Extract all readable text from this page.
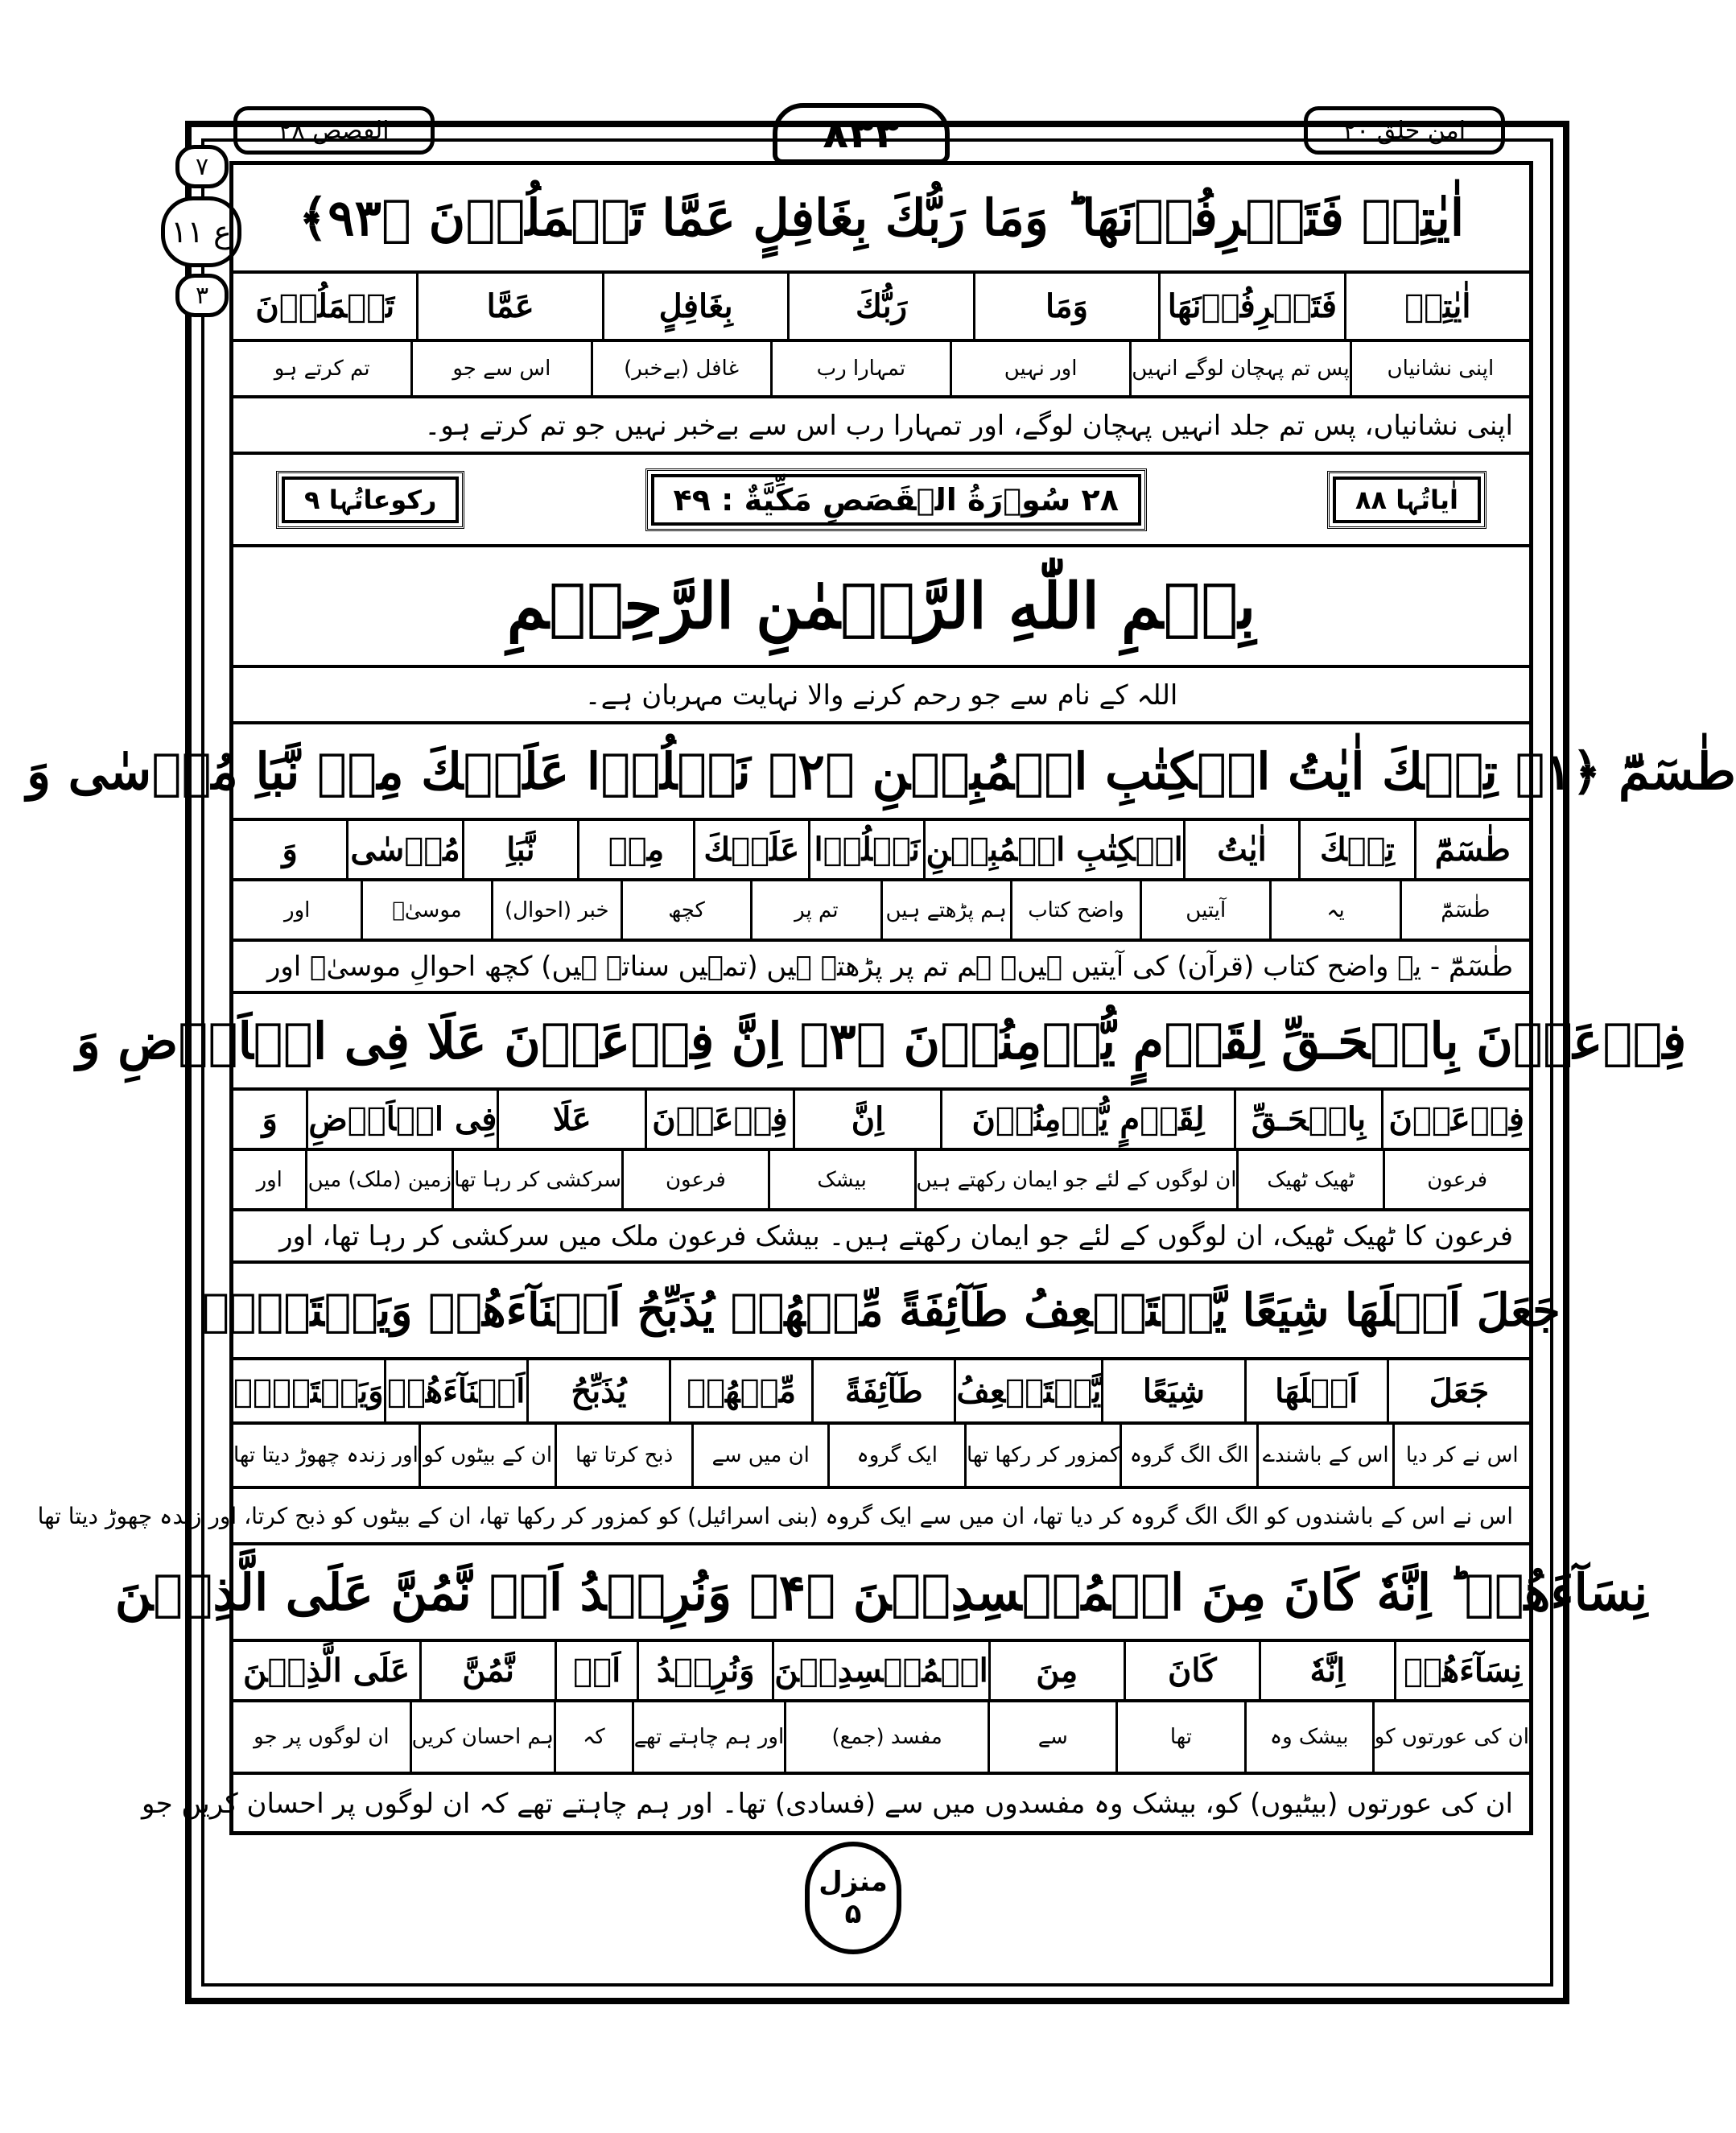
القصص ۲۸	۸۳۳	امن خلق ۲۰
۷
ع ۱۱
۳
اٰيٰتِهٖ فَتَعۡرِفُوۡنَهَا ؕ وَمَا رَبُّكَ بِغَافِلٍ عَمَّا تَعۡمَلُوۡنَ ﴿۹۳﴾
اٰيٰتِهٖ
فَتَعۡرِفُوۡنَهَا
وَمَا
رَبُّكَ
بِغَافِلٍ
عَمَّا
تَعۡمَلُوۡنَ
اپنی نشانیاں
پس تم پہچان لوگے انہیں
اور نہیں
تمہارا رب
غافل (بےخبر)
اس سے جو
تم کرتے ہو
اپنی نشانیاں، پس تم جلد انہیں پہچان لوگے، اور تمہارا رب اس سے بےخبر نہیں جو تم کرتے ہو۔
اٰیاتُہا ۸۸
۲۸ سُوۡرَةُ الۡقَصَصِ مَكِّيَّةٌ : ۴۹
رکوعاتُہا ۹
بِسۡمِ اللّٰهِ الرَّحۡمٰنِ الرَّحِيۡمِ
اللہ کے نام سے جو رحم کرنے والا نہایت مہربان ہے۔
طٰسٓمّٓ ﴿۱﴾ تِلۡكَ اٰيٰتُ الۡكِتٰبِ الۡمُبِيۡنِ ﴿۲﴾ نَتۡلُوۡا عَلَيۡكَ مِنۡ نَّبَاِ مُوۡسٰى وَ
طٰسٓمّٓ
تِلۡكَ
اٰيٰتُ
الۡكِتٰبِ الۡمُبِيۡنِ
نَتۡلُوۡا
عَلَيۡكَ
مِنۡ
نَّبَاِ
مُوۡسٰى
وَ
طٰسٓمّٓ
یہ
آیتیں
واضح کتاب
ہم پڑھتے ہیں
تم پر
کچھ
خبر (احوال)
موسیٰؑ
اور
طٰسٓمّٓ - یہ واضح کتاب (قرآن) کی آیتیں ہیں۔ ہم تم پر پڑھتے ہیں (تمہیں سناتے ہیں) کچھ احوالِ موسیٰؑ اور
فِرۡعَوۡنَ بِالۡحَـقِّ لِقَوۡمٍ يُّؤۡمِنُوۡنَ ﴿۳﴾ اِنَّ فِرۡعَوۡنَ عَلَا فِى الۡاَرۡضِ وَ
فِرۡعَوۡنَ
بِالۡحَـقِّ
لِقَوۡمٍ يُّؤۡمِنُوۡنَ
اِنَّ
فِرۡعَوۡنَ
عَلَا
فِى الۡاَرۡضِ
وَ
فرعون
ٹھیک ٹھیک
ان لوگوں کے لئے جو ایمان رکھتے ہیں
بیشک
فرعون
سرکشی کر رہا تھا
زمین (ملک) میں
اور
فرعون کا ٹھیک ٹھیک، ان لوگوں کے لئے جو ایمان رکھتے ہیں۔ بیشک فرعون ملک میں سرکشی کر رہا تھا، اور
جَعَلَ اَهۡلَهَا شِيَعًا يَّسۡتَضۡعِفُ طَآئِفَةً مِّنۡهُمۡ يُذَبِّحُ اَبۡنَآءَهُمۡ وَيَسۡتَحۡىٖ
جَعَلَ
اَهۡلَهَا
شِيَعًا
يَّسۡتَضۡعِفُ
طَآئِفَةً
مِّنۡهُمۡ
يُذَبِّحُ
اَبۡنَآءَهُمۡ
وَيَسۡتَحۡىٖ
اس نے کر دیا
اس کے باشندے
الگ الگ گروہ
کمزور کر رکھا تھا
ایک گروہ
ان میں سے
ذبح کرتا تھا
ان کے بیٹوں کو
اور زندہ چھوڑ دیتا تھا
اس نے اس کے باشندوں کو الگ الگ گروہ کر دیا تھا، ان میں سے ایک گروہ (بنی اسرائیل) کو کمزور کر رکھا تھا، ان کے بیٹوں کو ذبح کرتا، اور زندہ چھوڑ دیتا تھا
نِسَآءَهُمۡ ؕ اِنَّهٗ كَانَ مِنَ الۡمُفۡسِدِيۡنَ ﴿۴﴾ وَنُرِيۡدُ اَنۡ نَّمُنَّ عَلَى الَّذِيۡنَ
نِسَآءَهُمۡ
اِنَّهٗ
كَانَ
مِنَ
الۡمُفۡسِدِيۡنَ
وَنُرِيۡدُ
اَنۡ
نَّمُنَّ
عَلَى الَّذِيۡنَ
ان کی عورتوں کو
بیشک وہ
تھا
سے
مفسد (جمع)
اور ہم چاہتے تھے
کہ
ہم احسان کریں
ان لوگوں پر جو
ان کی عورتوں (بیٹیوں) کو، بیشک وہ مفسدوں میں سے (فسادی) تھا۔ اور ہم چاہتے تھے کہ ان لوگوں پر احسان کریں جو
منزل
۵
